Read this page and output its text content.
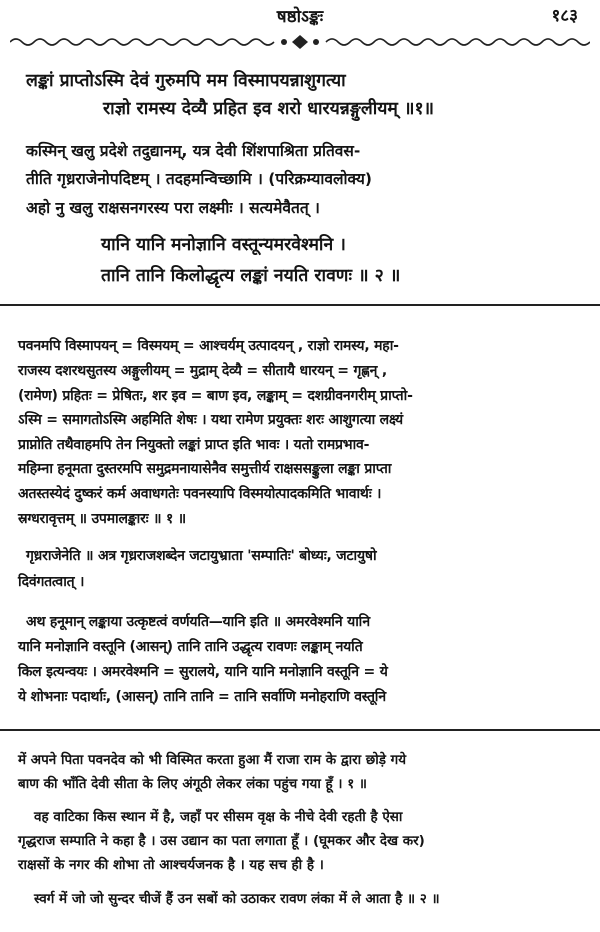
षष्ठोऽङ्कः	१८३
लङ्कां प्राप्तोऽस्मि देवं गुरुमपि मम विस्मापयन्नाशुगत्या
राज्ञो रामस्य देव्यै प्रहित इव शरो धारयन्नङ्गुलीयम् ॥१॥
कस्मिन् खलु प्रदेशे तदुद्यानम्, यत्र देवी शिंशपाश्रिता प्रतिवस-
तीति गृध्रराजेनोपदिष्टम् । तदहमन्विच्छामि । (परिक्रम्यावलोक्य)
अहो नु खलु राक्षसनगरस्य परा लक्ष्मीः । सत्यमेवैतत् ।
यानि यानि मनोज्ञानि वस्तून्यमरवेश्मनि ।
तानि तानि किलोद्धृत्य लङ्कां नयति रावणः ॥ २ ॥
पवनमपि विस्मापयन् = विस्मयम् = आश्चर्यम् उत्पादयन् , राज्ञो रामस्य, महा-
राजस्य दशरथसुतस्य अङ्गुलीयम् = मुद्राम् देव्यै = सीतायै धारयन् = गृह्णन् ,
(रामेण) प्रहितः = प्रेषितः, शर इव = बाण इव, लङ्काम् = दशग्रीवनगरीम् प्राप्तो-
ऽस्मि = समागतोऽस्मि अहमिति शेषः । यथा रामेण प्रयुक्तः शरः आशुगत्या लक्ष्यं
प्राप्नोति तथैवाहमपि तेन नियुक्तो लङ्कां प्राप्त इति भावः । यतो रामप्रभाव-
महिम्ना हनूमता दुस्तरमपि समुद्रमनायासेनैव समुत्तीर्य राक्षससङ्कुला लङ्का प्राप्ता
अतस्तस्येदं दुष्करं कर्म अवाधगतेः पवनस्यापि विस्मयोत्पादकमिति भावार्थः ।
स्रग्धरावृत्तम् ॥ उपमालङ्कारः ॥ १ ॥
गृध्रराजेनेति ॥ अत्र गृध्रराजशब्देन जटायुभ्राता 'सम्पातिः' बोध्यः, जटायुषो
दिवंगतत्वात् ।
अथ हनूमान् लङ्काया उत्कृष्टत्वं वर्णयति—यानि इति ॥ अमरवेश्मनि यानि
यानि मनोज्ञानि वस्तूनि (आसन्) तानि तानि उद्धृत्य रावणः लङ्काम् नयति
किल इत्यन्वयः । अमरवेश्मनि = सुरालये, यानि यानि मनोज्ञानि वस्तूनि = ये
ये शोभनाः पदार्थाः, (आसन्) तानि तानि = तानि सर्वाणि मनोहराणि वस्तूनि
में अपने पिता पवनदेव को भी विस्मित करता हुआ मैं राजा राम के द्वारा छोड़े गये
बाण की भाँति देवी सीता के लिए अंगूठी लेकर लंका पहुंच गया हूँ । १ ॥
वह वाटिका किस स्थान में है, जहाँ पर सीसम वृक्ष के नीचे देवी रहती है ऐसा
गृद्धराज सम्पाति ने कहा है । उस उद्यान का पता लगाता हूँ । (घूमकर और देख कर)
राक्षसों के नगर की शोभा तो आश्चर्यजनक है । यह सच ही है ।
स्वर्ग में जो जो सुन्दर चीजें हैं उन सबों को उठाकर रावण लंका में ले आता है ॥ २ ॥
